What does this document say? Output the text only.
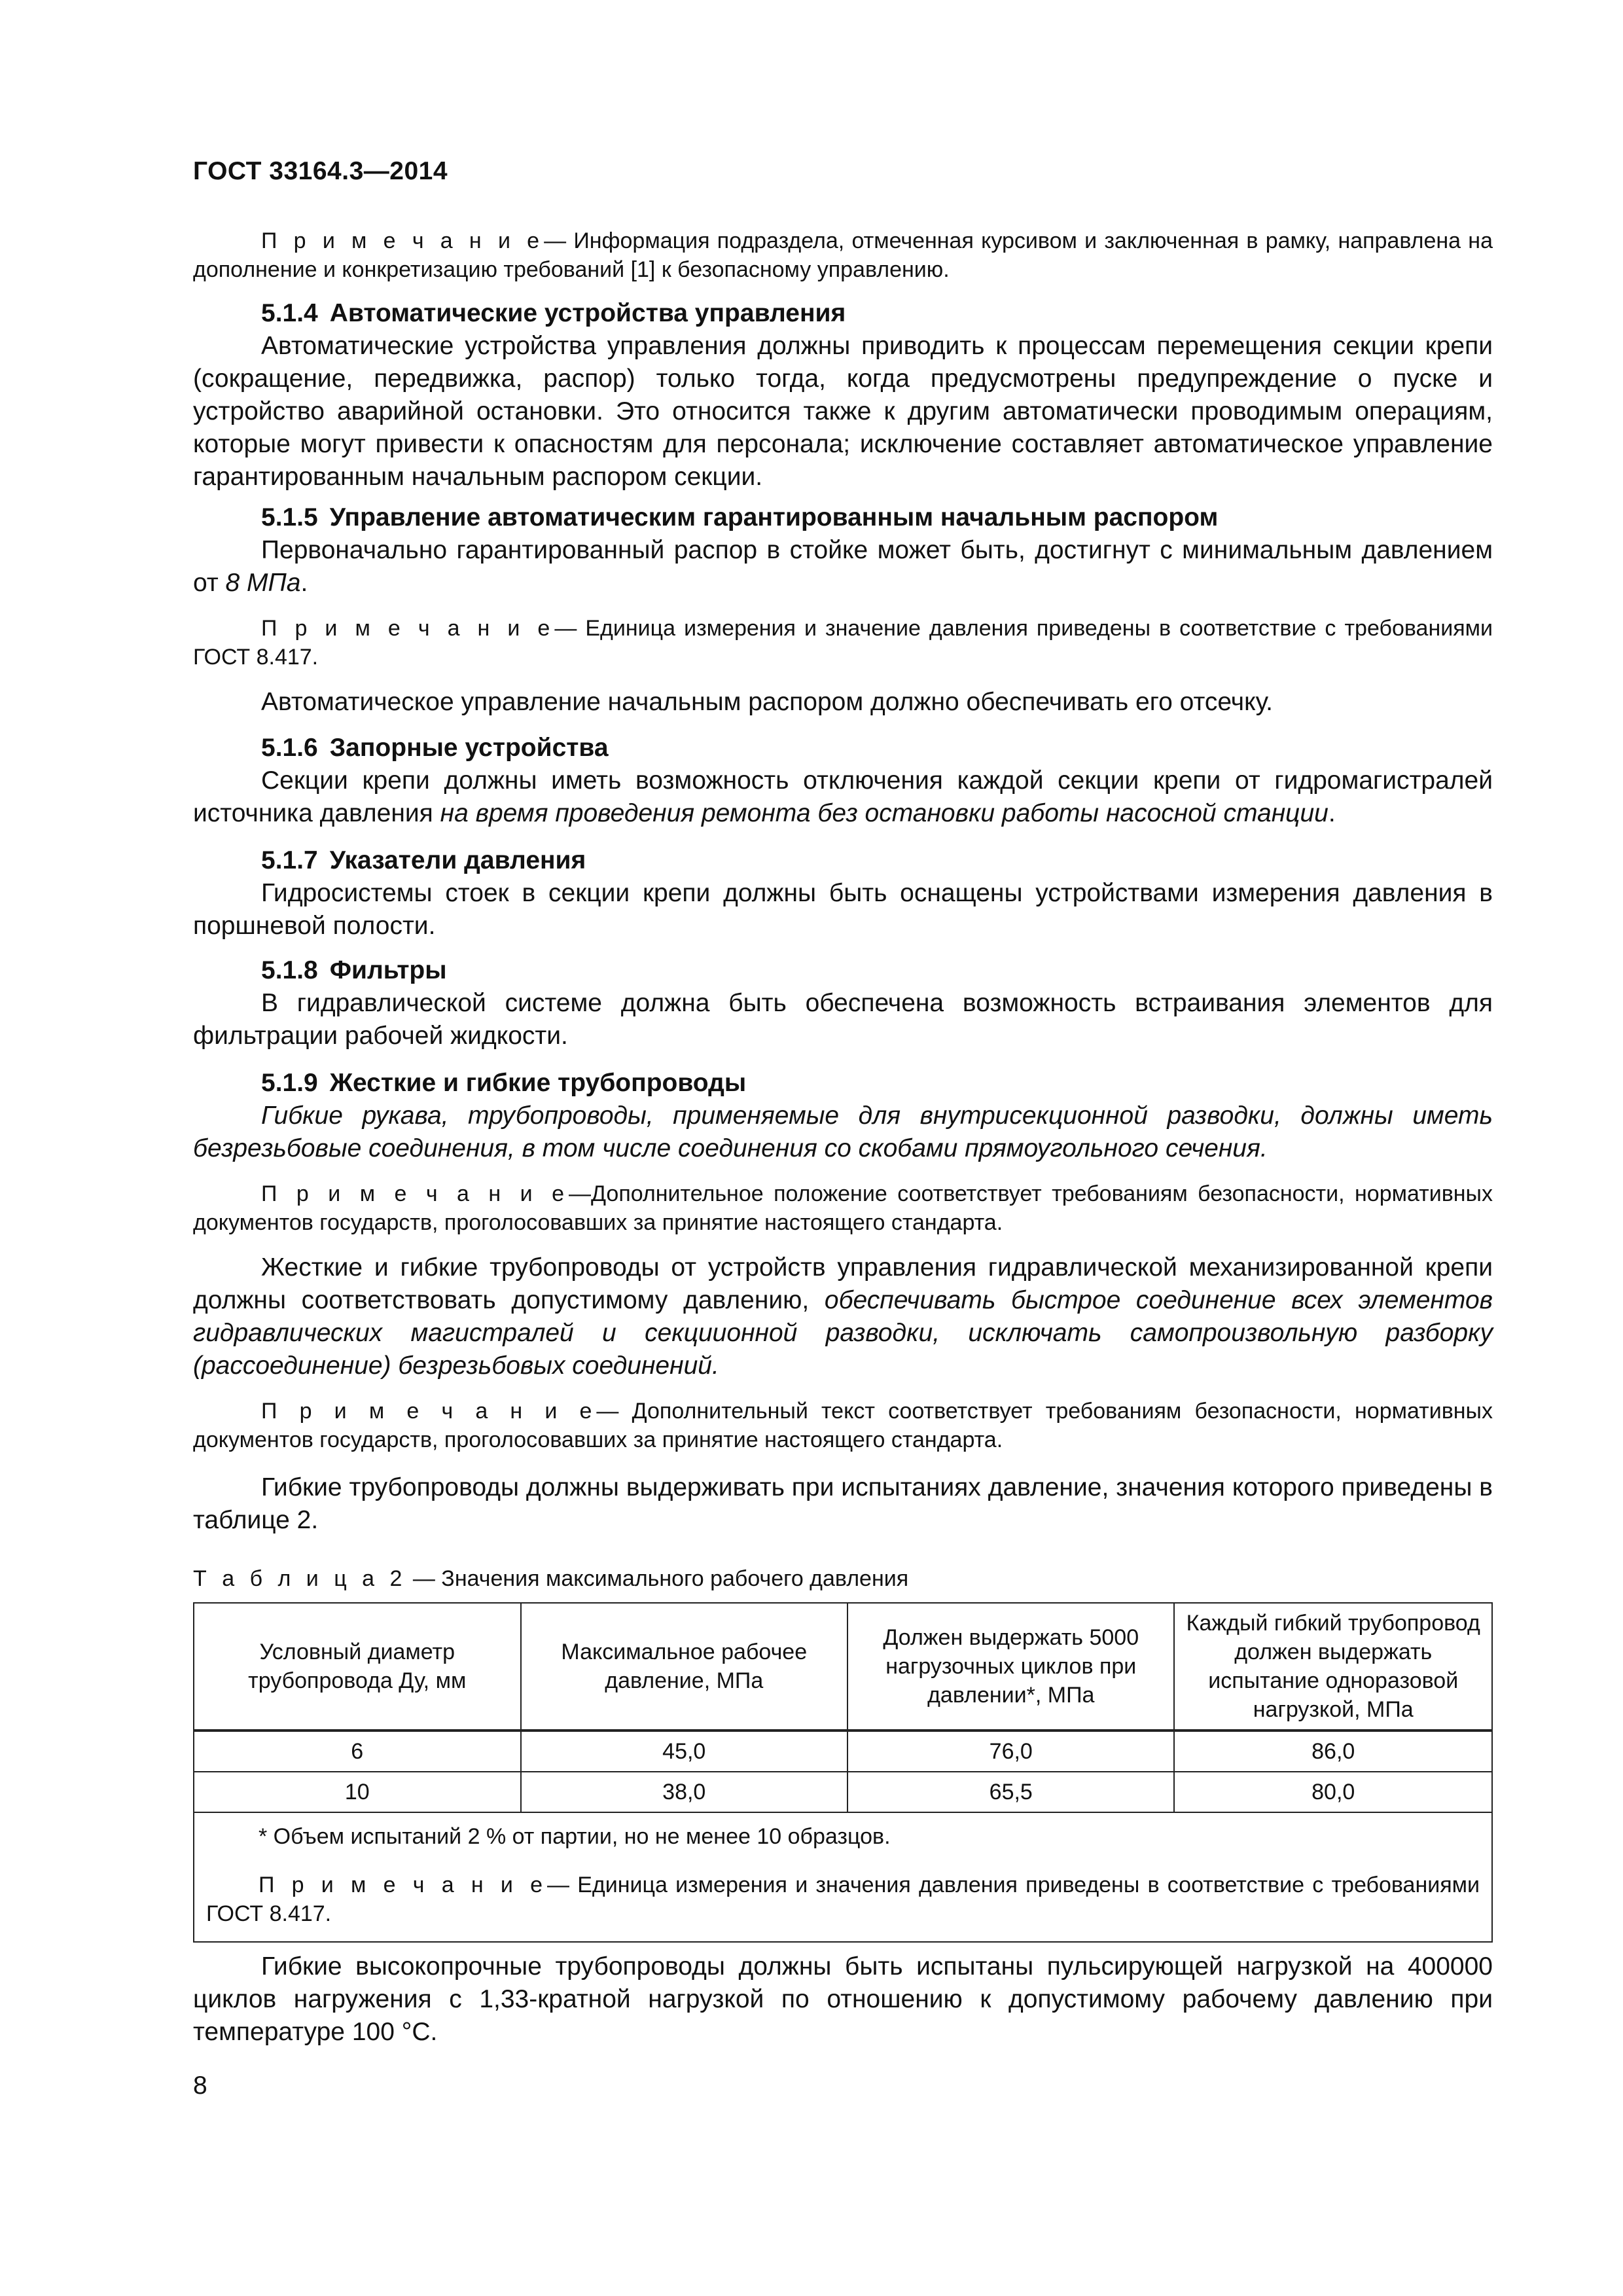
ГОСТ 33164.3—2014

П р и м е ч а н и е— Информация подраздела, отмеченная курсивом и заключенная в рамку, направлена на дополнение и конкретизацию требований [1] к безопасному управлению.

5.1.4 Автоматические устройства управления

Автоматические устройства управления должны приводить к процессам перемещения секции крепи (сокращение, передвижка, распор) только тогда, когда предусмотрены предупреждение о пуске и устройство аварийной остановки. Это относится также к другим автоматически проводимым операциям, которые могут привести к опасностям для персонала; исключение составляет автоматическое управление гарантированным начальным распором секции.

5.1.5 Управление автоматическим гарантированным начальным распором

Первоначально гарантированный распор в стойке может быть, достигнут с минимальным давлением от 8 МПа.

П р и м е ч а н и е— Единица измерения и значение давления приведены в соответствие с требованиями ГОСТ 8.417.

Автоматическое управление начальным распором должно обеспечивать его отсечку.

5.1.6 Запорные устройства

Секции крепи должны иметь возможность отключения каждой секции крепи от гидромагистралей источника давления на время проведения ремонта без остановки работы насосной станции.

5.1.7 Указатели давления

Гидросистемы стоек в секции крепи должны быть оснащены устройствами измерения давления в поршневой полости.

5.1.8 Фильтры

В гидравлической системе должна быть обеспечена возможность встраивания элементов для фильтрации рабочей жидкости.

5.1.9 Жесткие и гибкие трубопроводы

Гибкие рукава, трубопроводы, применяемые для внутрисекционной разводки, должны иметь безрезьбовые соединения, в том числе соединения со скобами прямоугольного сечения.

П р и м е ч а н и е—Дополнительное положение соответствует требованиям безопасности, нормативных документов государств, проголосовавших за принятие настоящего стандарта.

Жесткие и гибкие трубопроводы от устройств управления гидравлической механизированной крепи должны соответствовать допустимому давлению, обеспечивать быстрое соединение всех элементов гидравлических магистралей и секциионной разводки, исключать самопроизвольную разборку (рассоединение) безрезьбовых соединений.

П р и м е ч а н и е— Дополнительный текст соответствует требованиям безопасности, нормативных документов государств, проголосовавших за принятие настоящего стандарта.

Гибкие трубопроводы должны выдерживать при испытаниях давление, значения которого приведены в таблице 2.

Т а б л и ц а 2 — Значения максимального рабочего давления
Условный диаметр трубопровода Ду, мм	Максимальное рабочее давление, МПа	Должен выдержать 5000 нагрузочных циклов при давлении*, МПа	Каждый гибкий трубопровод должен выдержать испытание одноразовой нагрузкой, МПа
6	45,0	76,0	86,0
10	38,0	65,5	80,0

* Объем испытаний 2 % от партии, но не менее 10 образцов.

П р и м е ч а н и е— Единица измерения и значения давления приведены в соответствие с требованиями ГОСТ 8.417.			

Гибкие высокопрочные трубопроводы должны быть испытаны пульсирующей нагрузкой на 400000 циклов нагружения с 1,33-кратной нагрузкой по отношению к допустимому рабочему давлению при температуре 100 °С.

8
